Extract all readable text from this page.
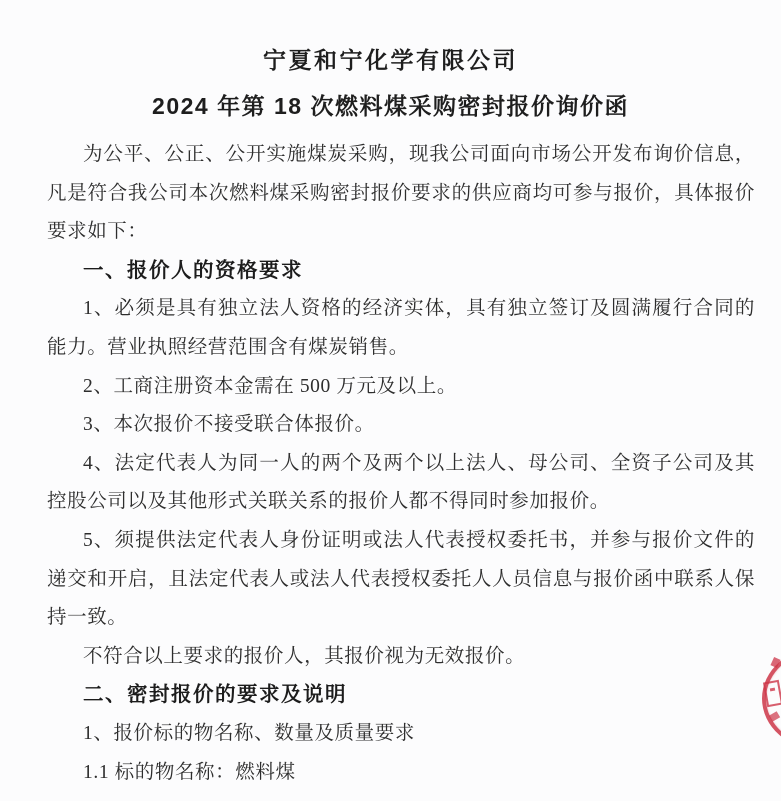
宁夏和宁化学有限公司
2024 年第 18 次燃料煤采购密封报价询价函

为公平、公正、公开实施煤炭采购，现我公司面向市场公开发布询价信息，凡是符合我公司本次燃料煤采购密封报价要求的供应商均可参与报价，具体报价要求如下：

一、报价人的资格要求

1、必须是具有独立法人资格的经济实体，具有独立签订及圆满履行合同的能力。营业执照经营范围含有煤炭销售。

2、工商注册资本金需在 500 万元及以上。

3、本次报价不接受联合体报价。

4、法定代表人为同一人的两个及两个以上法人、母公司、全资子公司及其控股公司以及其他形式关联关系的报价人都不得同时参加报价。

5、须提供法定代表人身份证明或法人代表授权委托书，并参与报价文件的递交和开启，且法定代表人或法人代表授权委托人人员信息与报价函中联系人保持一致。

不符合以上要求的报价人，其报价视为无效报价。

二、密封报价的要求及说明

1、报价标的物名称、数量及质量要求

1.1 标的物名称：燃料煤
